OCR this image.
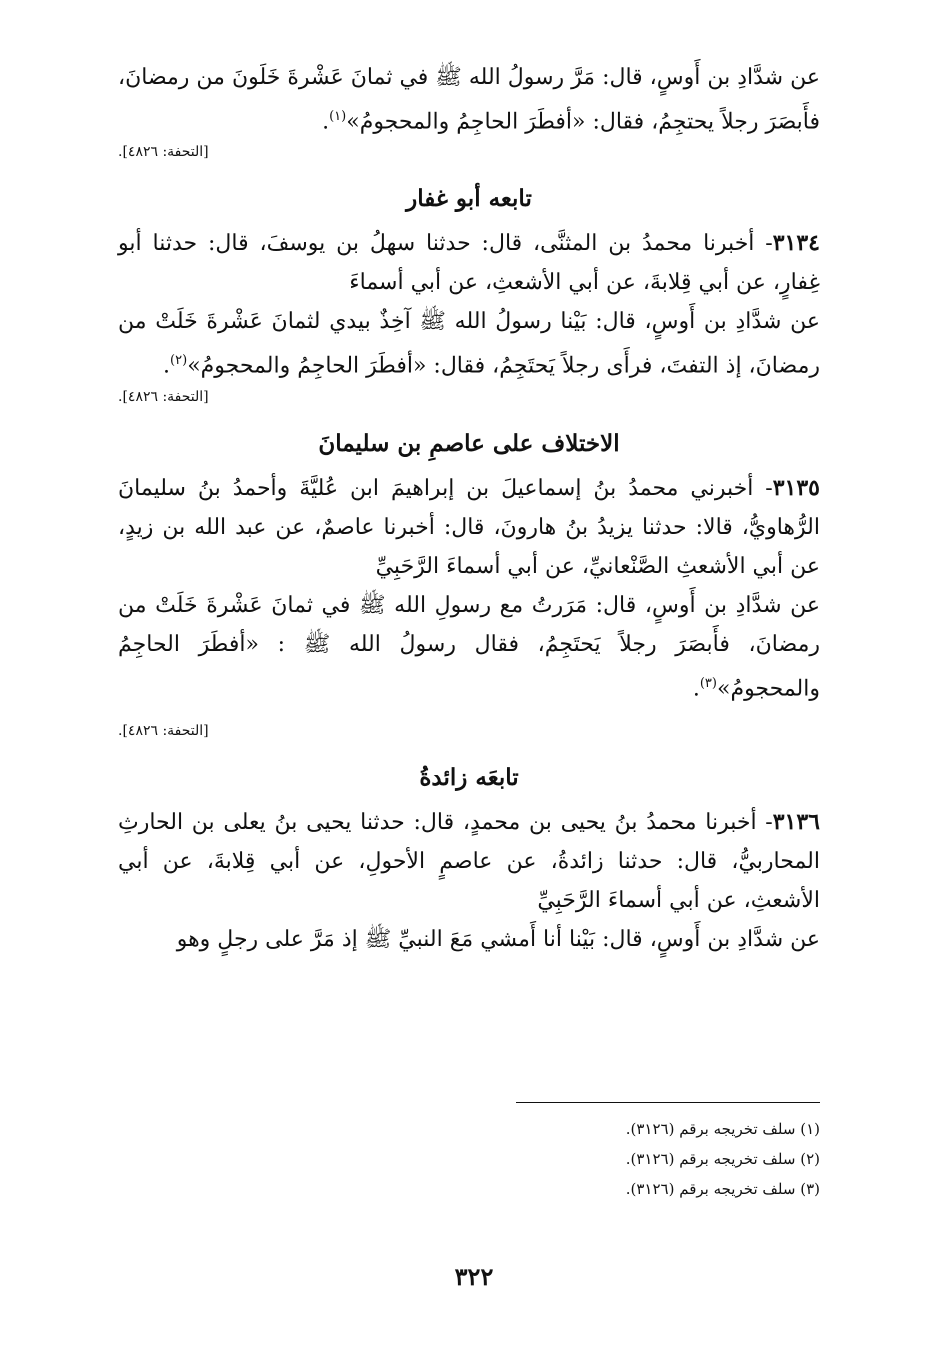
عن شدَّادِ بن أَوسٍ، قال: مَرَّ رسولُ الله ﷺ في ثمانَ عَشْرةَ خَلَونَ من رمضانَ، فأَبصَرَ رجلاً يحتجِمُ، فقال: «أفطَرَ الحاجِمُ والمحجومُ»$^{(١)}$.

[التحفة: ٤٨٢٦].

تابعه أبو غفار

٣١٣٤- أخبرنا محمدُ بن المثنَّى، قال: حدثنا سهلُ بن يوسفَ، قال: حدثنا أبو غِفارٍ، عن أبي قِلابةَ، عن أبي الأشعثِ، عن أبي أسماءَ

عن شدَّادِ بن أَوسٍ، قال: بَيْنا رسولُ الله ﷺ آخِذٌ بيدي لثمانَ عَشْرةَ خَلَتْ من رمضانَ، إذ التفتَ، فرأَى رجلاً يَحتَجِمُ، فقال: «أفطَرَ الحاجِمُ والمحجومُ»$^{(٢)}$.

[التحفة: ٤٨٢٦].

الاختلاف على عاصمِ بن سليمانَ

٣١٣٥- أخبرني محمدُ بنُ إسماعيلَ بن إبراهيمَ ابن عُليَّةَ وأحمدُ بنُ سليمانَ الرُّهاويُّ، قالا: حدثنا يزيدُ بنُ هارونَ، قال: أخبرنا عاصمٌ، عن عبد الله بن زيدٍ، عن أبي الأشعثِ الصَّنْعانيِّ، عن أبي أسماءَ الرَّحَبِيِّ

عن شدَّادِ بن أَوسٍ، قال: مَرَرتُ مع رسولِ الله ﷺ في ثمانَ عَشْرةَ خَلَتْ من رمضانَ، فأَبصَرَ رجلاً يَحتَجِمُ، فقال رسولُ الله ﷺ : «أفطَرَ الحاجِمُ والمحجومُ»$^{(٣)}$.

[التحفة: ٤٨٢٦].

تابعَه زائدةُ

٣١٣٦- أخبرنا محمدُ بنُ يحيى بن محمدٍ، قال: حدثنا يحيى بنُ يعلى بن الحارثِ المحاربيُّ، قال: حدثنا زائدةُ، عن عاصمٍ الأحولِ، عن أبي قِلابةَ، عن أبي الأشعثِ، عن أبي أسماءَ الرَّحَبِيِّ

عن شدَّادِ بن أَوسٍ، قال: بَيْنا أنا أَمشي مَعَ النبيِّ ﷺ إذ مَرَّ على رجلٍ وهو

(١) سلف تخريجه برقم (٣١٢٦).
(٢) سلف تخريجه برقم (٣١٢٦).
(٣) سلف تخريجه برقم (٣١٢٦).
٣٢٢
